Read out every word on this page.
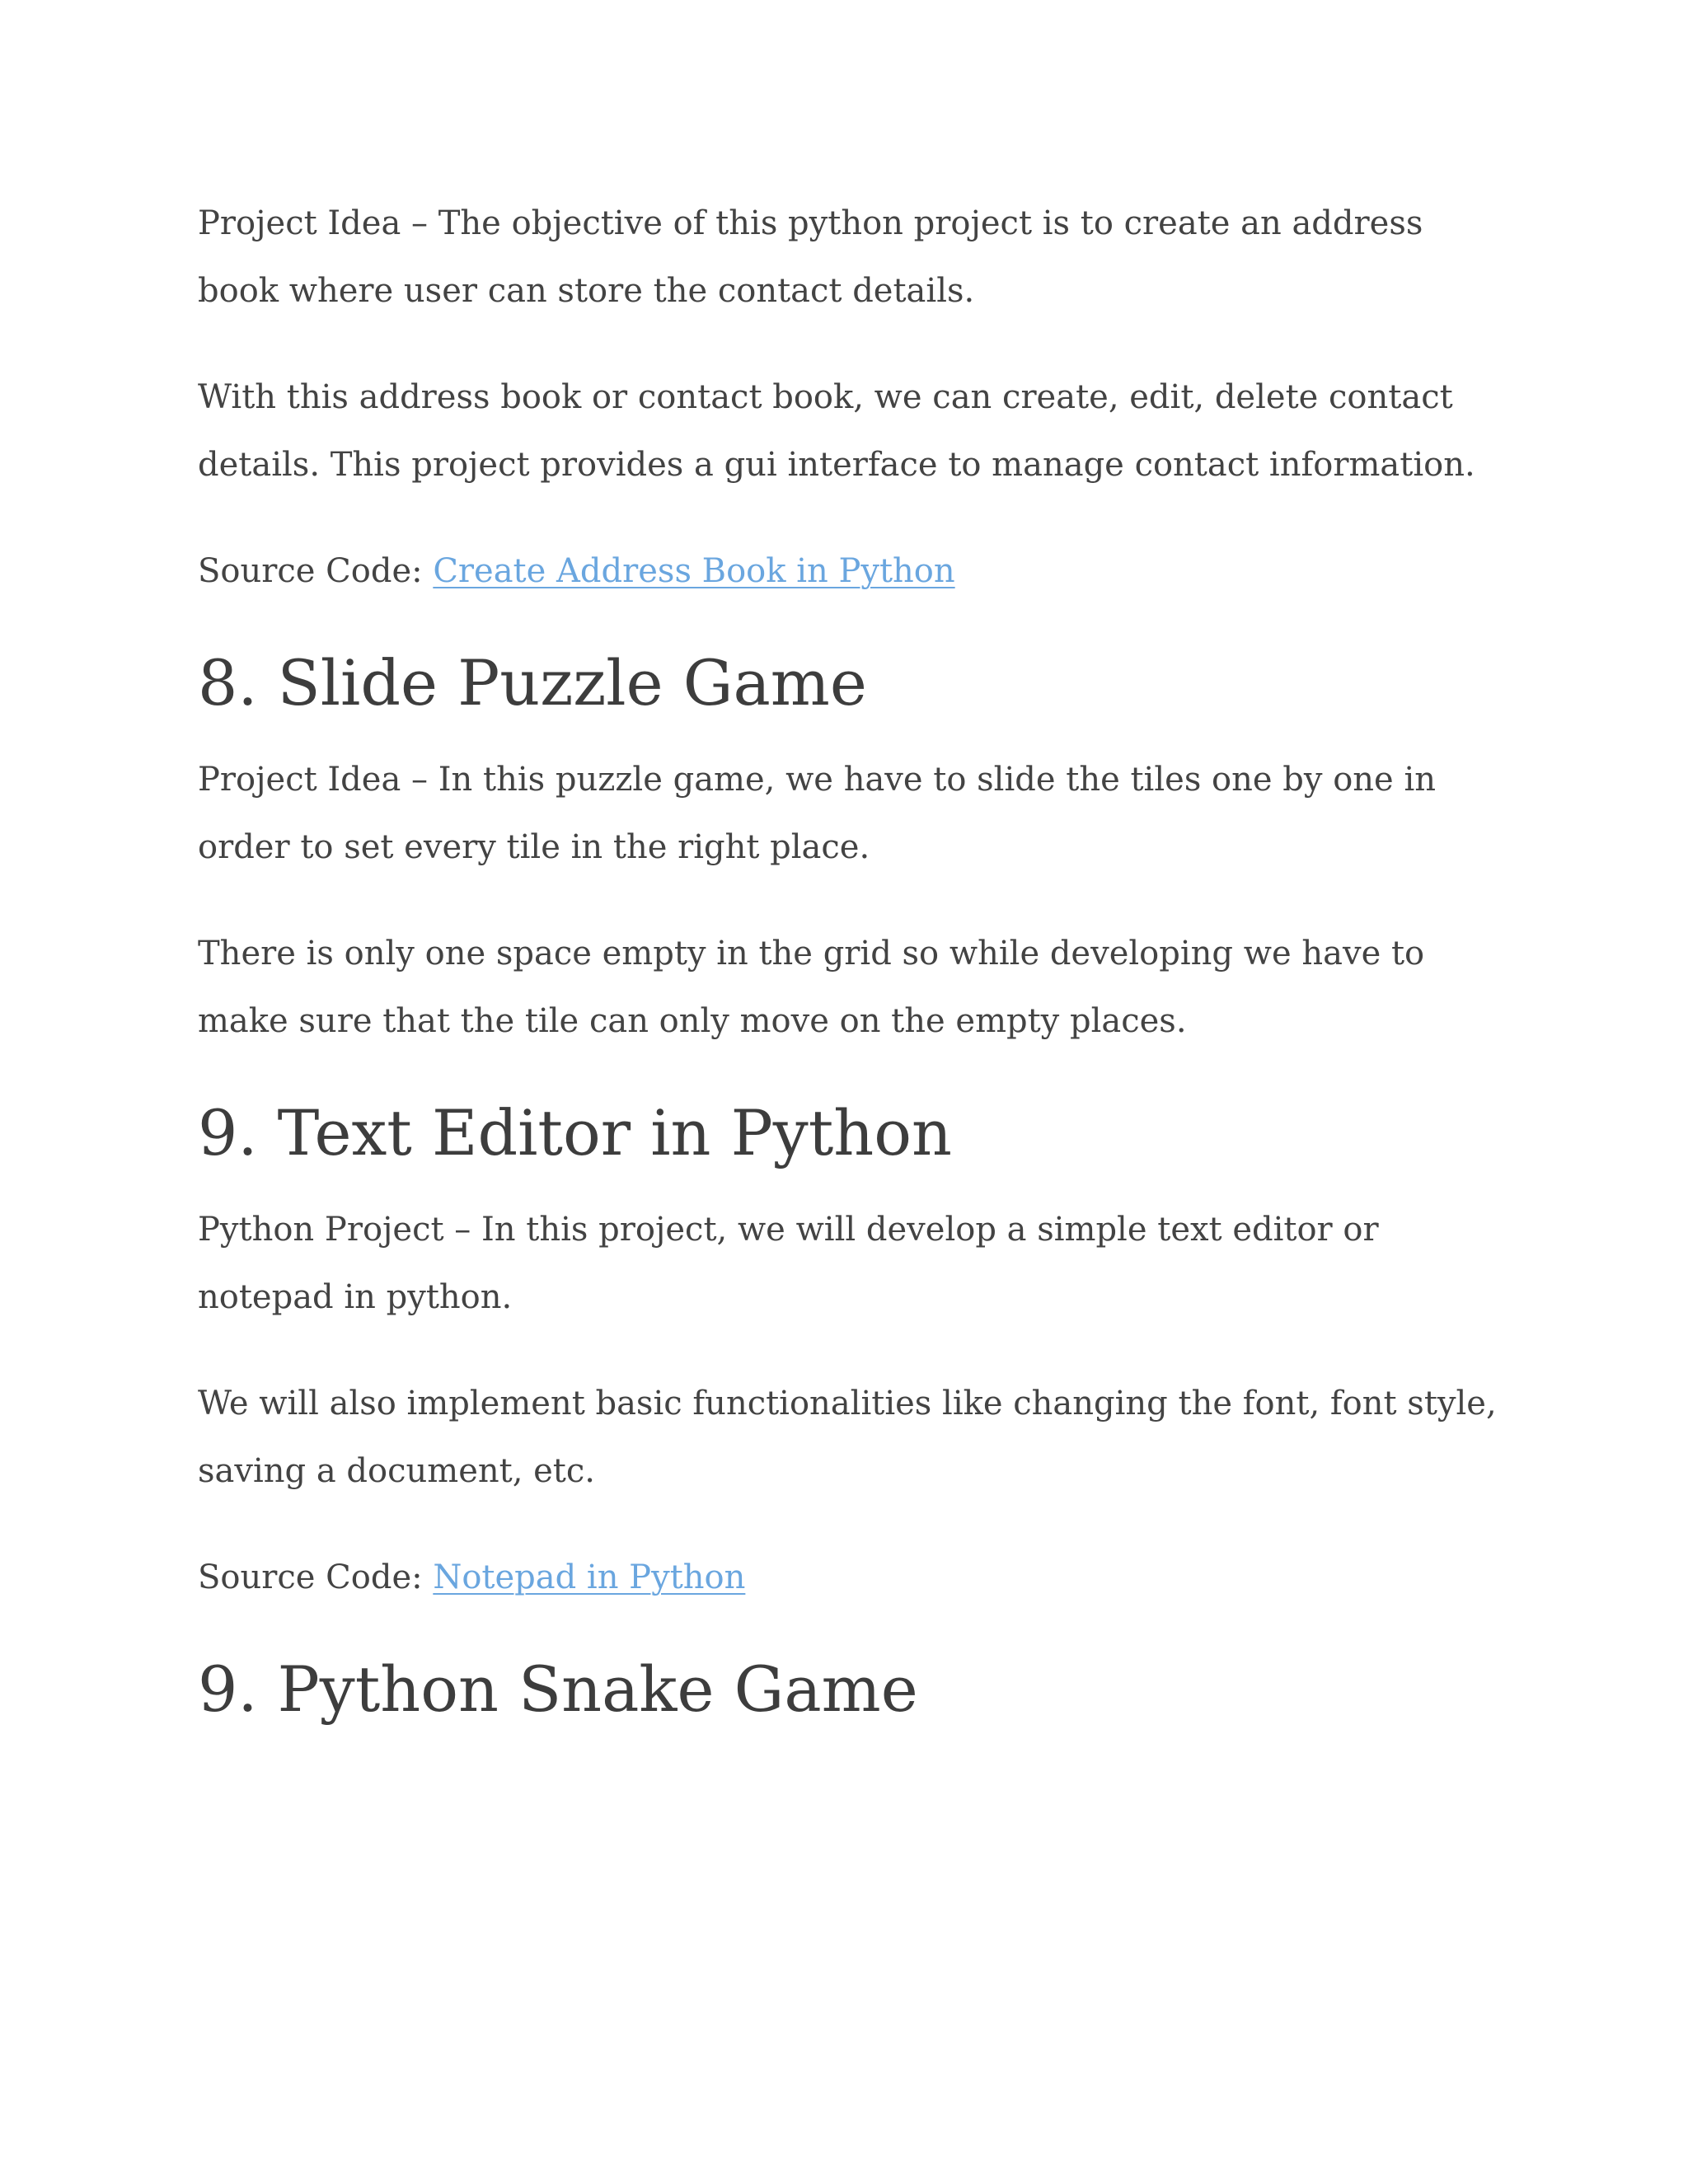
Project Idea – The objective of this python project is to create an address book where user can store the contact details.

With this address book or contact book, we can create, edit, delete contact details. This project provides a gui interface to manage contact information.

Source Code: Create Address Book in Python

8. Slide Puzzle Game

Project Idea – In this puzzle game, we have to slide the tiles one by one in order to set every tile in the right place.

There is only one space empty in the grid so while developing we have to make sure that the tile can only move on the empty places.

9. Text Editor in Python

Python Project – In this project, we will develop a simple text editor or notepad in python.

We will also implement basic functionalities like changing the font, font style, saving a document, etc.

Source Code: Notepad in Python

9. Python Snake Game
